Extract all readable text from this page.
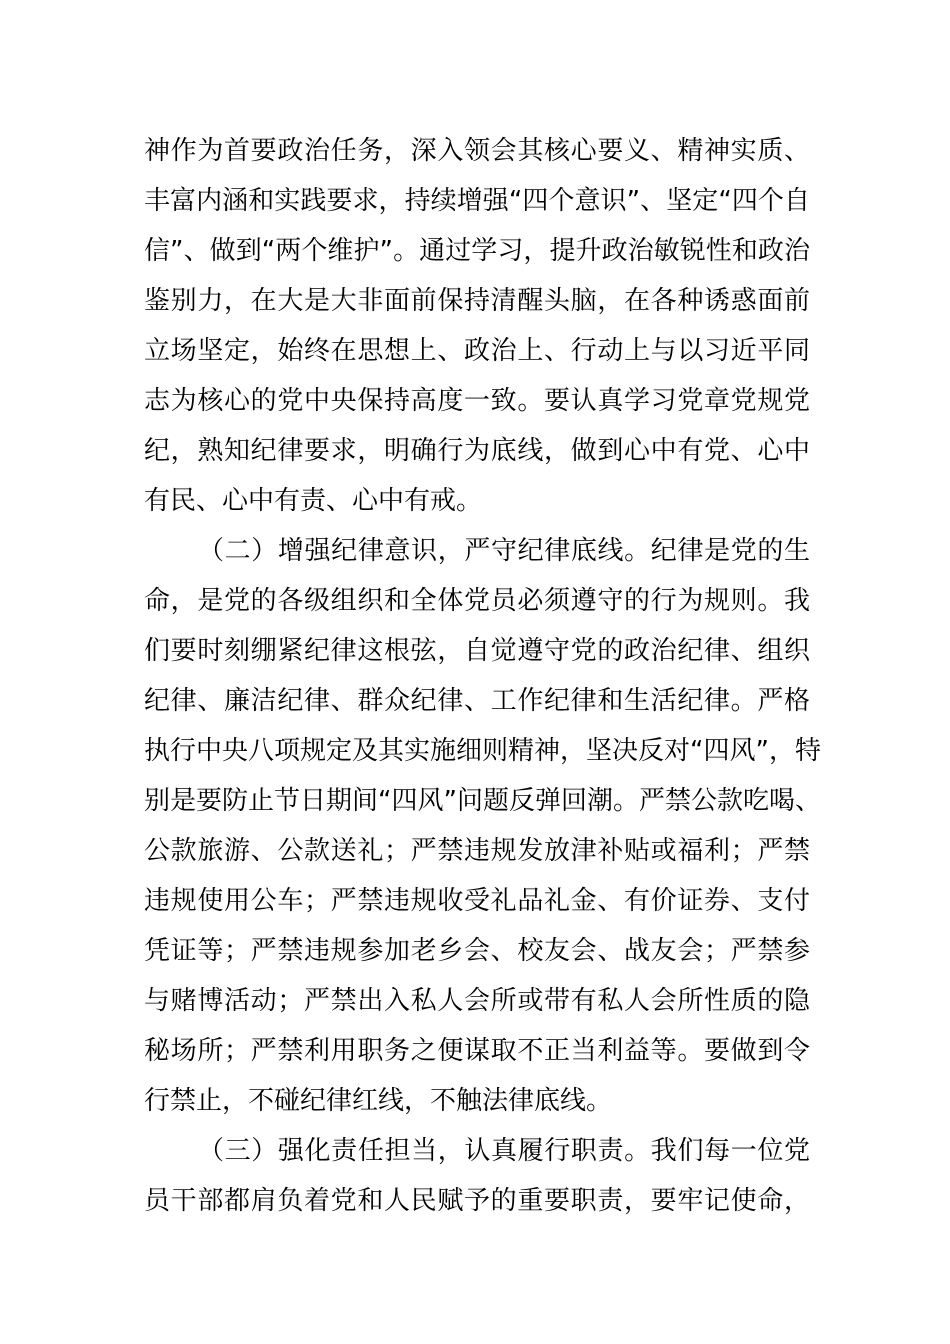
神作为首要政治任务，深入领会其核心要义、精神实质、
丰富内涵和实践要求，持续增强“四个意识”、坚定“四个自
信”、做到“两个维护”。通过学习，提升政治敏锐性和政治
鉴别力，在大是大非面前保持清醒头脑，在各种诱惑面前
立场坚定，始终在思想上、政治上、行动上与以习近平同
志为核心的党中央保持高度一致。要认真学习党章党规党
纪，熟知纪律要求，明确行为底线，做到心中有党、心中
有民、心中有责、心中有戒。
（二）增强纪律意识，严守纪律底线。纪律是党的生
命，是党的各级组织和全体党员必须遵守的行为规则。我
们要时刻绷紧纪律这根弦，自觉遵守党的政治纪律、组织
纪律、廉洁纪律、群众纪律、工作纪律和生活纪律。严格
执行中央八项规定及其实施细则精神，坚决反对“四风”，特
别是要防止节日期间“四风”问题反弹回潮。严禁公款吃喝、
公款旅游、公款送礼；严禁违规发放津补贴或福利；严禁
违规使用公车；严禁违规收受礼品礼金、有价证券、支付
凭证等；严禁违规参加老乡会、校友会、战友会；严禁参
与赌博活动；严禁出入私人会所或带有私人会所性质的隐
秘场所；严禁利用职务之便谋取不正当利益等。要做到令
行禁止，不碰纪律红线，不触法律底线。
（三）强化责任担当，认真履行职责。我们每一位党
员干部都肩负着党和人民赋予的重要职责，要牢记使命，
